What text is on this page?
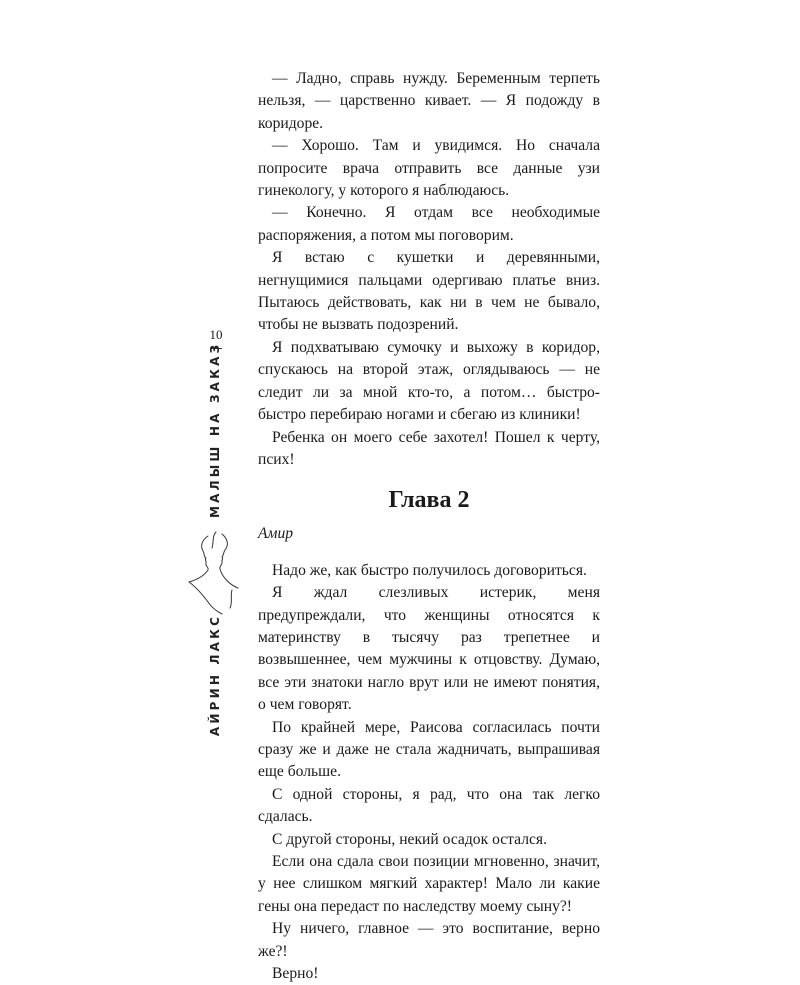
10
МАЛЫШ НА ЗАКАЗ
АЙРИН ЛАКС

— Ладно, справь нужду. Беременным терпеть нельзя, — царственно кивает. — Я подожду в коридоре.

— Хорошо. Там и увидимся. Но сначала попросите врача отправить все данные узи гинекологу, у которого я наблюдаюсь.

— Конечно. Я отдам все необходимые распоряжения, а потом мы поговорим.

Я встаю с кушетки и деревянными, негнущимися пальцами одергиваю платье вниз. Пытаюсь действовать, как ни в чем не бывало, чтобы не вызвать подозрений.

Я подхватываю сумочку и выхожу в коридор, спускаюсь на второй этаж, оглядываюсь — не следит ли за мной кто-то, а потом… быстро-быстро перебираю ногами и сбегаю из клиники!

Ребенка он моего себе захотел! Пошел к черту, псих!

Глава 2

Амир

Надо же, как быстро получилось договориться.

Я ждал слезливых истерик, меня предупреждали, что женщины относятся к материнству в тысячу раз трепетнее и возвышеннее, чем мужчины к отцовству. Думаю, все эти знатоки нагло врут или не имеют понятия, о чем говорят.

По крайней мере, Раисова согласилась почти сразу же и даже не стала жадничать, выпрашивая еще больше.

С одной стороны, я рад, что она так легко сдалась.

С другой стороны, некий осадок остался.

Если она сдала свои позиции мгновенно, значит, у нее слишком мягкий характер! Мало ли какие гены она передаст по наследству моему сыну?!

Ну ничего, главное — это воспитание, верно же?!

Верно!
